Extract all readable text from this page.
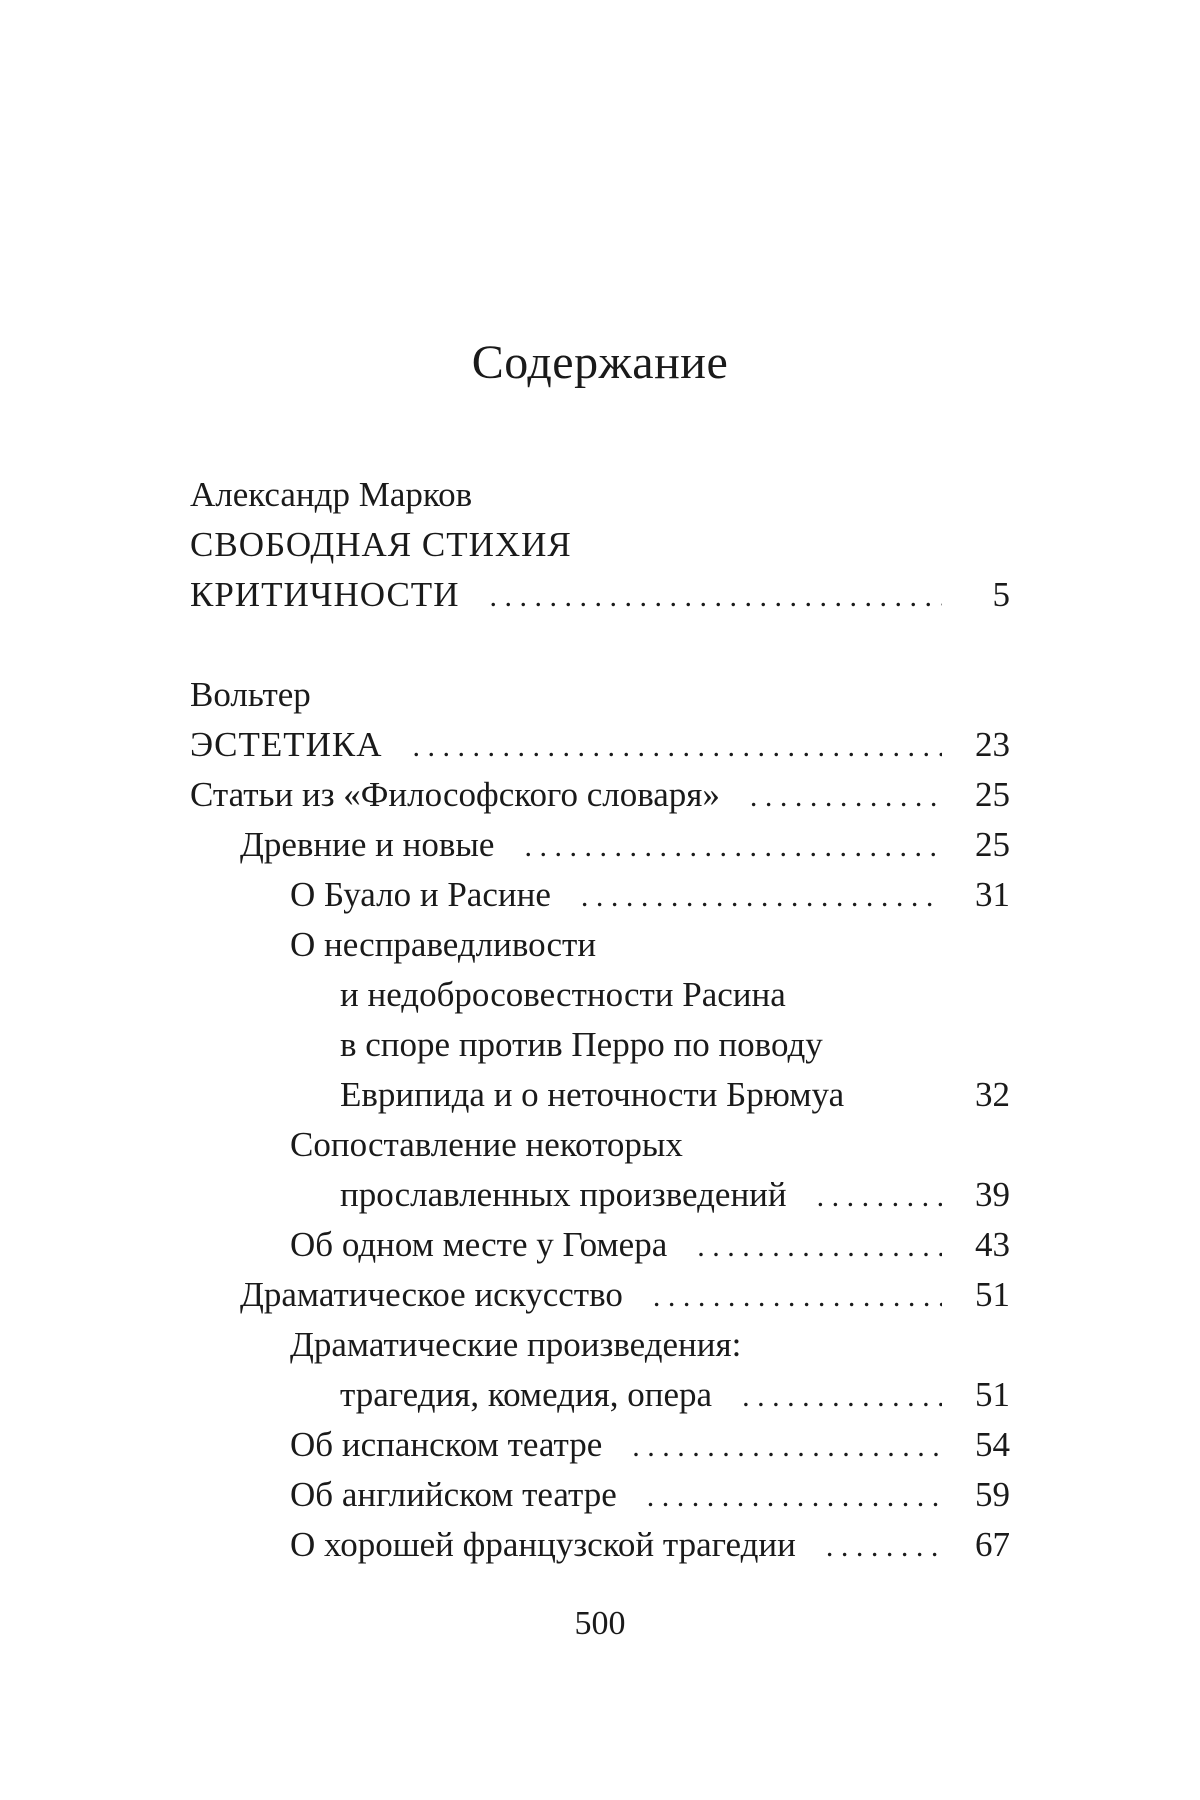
Содержание
Александр Марков
СВОБОДНАЯ СТИХИЯ
КРИТИЧНОСТИ . . .	5
Вольтер
ЭСТЕТИКА . . .	23
Статьи из «Философского словаря» . . .	25
Древние и новые . . .	25
О Буало и Расине . . .	31
О несправедливости
и недобросовестности Расина
в споре против Перро по поводу
Еврипида и о неточности Брюмуа	32
Сопоставление некоторых
прославленных произведений . . .	39
Об одном месте у Гомера . . .	43
Драматическое искусство . . .	51
Драматические произведения:
трагедия, комедия, опера . . .	51
Об испанском театре . . .	54
Об английском театре . . .	59
О хорошей французской трагедии . . .	67
500
